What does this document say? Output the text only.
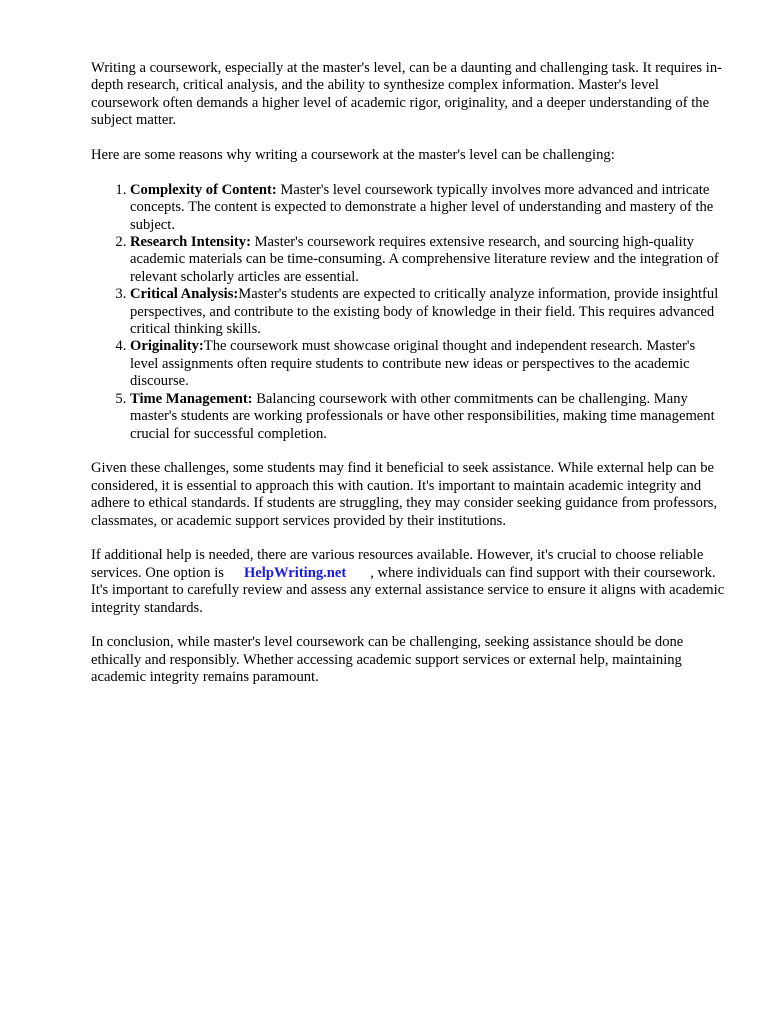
Writing a coursework, especially at the master's level, can be a daunting and challenging task. It requires in-depth research, critical analysis, and the ability to synthesize complex information. Master's level coursework often demands a higher level of academic rigor, originality, and a deeper understanding of the subject matter.

Here are some reasons why writing a coursework at the master's level can be challenging:

1. Complexity of Content: Master's level coursework typically involves more advanced and intricate concepts. The content is expected to demonstrate a higher level of understanding and mastery of the subject.
2. Research Intensity: Master's coursework requires extensive research, and sourcing high-quality academic materials can be time-consuming. A comprehensive literature review and the integration of relevant scholarly articles are essential.
3. Critical Analysis:Master's students are expected to critically analyze information, provide insightful perspectives, and contribute to the existing body of knowledge in their field. This requires advanced critical thinking skills.
4. Originality:The coursework must showcase original thought and independent research. Master's level assignments often require students to contribute new ideas or perspectives to the academic discourse.
5. Time Management: Balancing coursework with other commitments can be challenging. Many master's students are working professionals or have other responsibilities, making time management crucial for successful completion.

Given these challenges, some students may find it beneficial to seek assistance. While external help can be considered, it is essential to approach this with caution. It's important to maintain academic integrity and adhere to ethical standards. If students are struggling, they may consider seeking guidance from professors, classmates, or academic support services provided by their institutions.

If additional help is needed, there are various resources available. However, it's crucial to choose reliable services. One option is HelpWriting.net , where individuals can find support with their coursework. It's important to carefully review and assess any external assistance service to ensure it aligns with academic integrity standards.

In conclusion, while master's level coursework can be challenging, seeking assistance should be done ethically and responsibly. Whether accessing academic support services or external help, maintaining academic integrity remains paramount.
